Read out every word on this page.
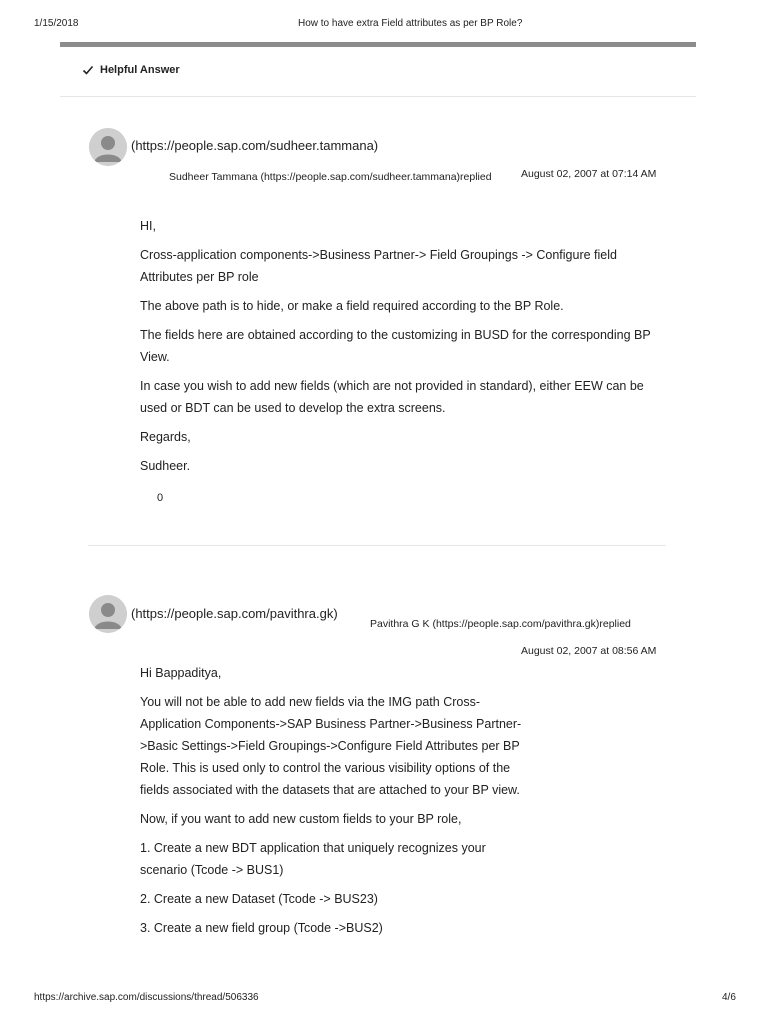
1/15/2018	How to have extra Field attributes as per BP Role?
Helpful Answer
(https://people.sap.com/sudheer.tammana)
Sudheer Tammana (https://people.sap.com/sudheer.tammana)replied	August 02, 2007 at 07:14 AM

HI,

Cross-application components->Business Partner-> Field Groupings -> Configure field Attributes per BP role

The above path is to hide, or make a field required according to the BP Role.

The fields here are obtained according to the customizing in BUSD for the corresponding BP View.

In case you wish to add new fields (which are not provided in standard), either EEW can be used or BDT can be used to develop the extra screens.

Regards,

Sudheer.

0
(https://people.sap.com/pavithra.gk)
Pavithra G K (https://people.sap.com/pavithra.gk)replied
August 02, 2007 at 08:56 AM

Hi Bappaditya,

You will not be able to add new fields via the IMG path Cross-Application Components->SAP Business Partner->Business Partner->Basic Settings->Field Groupings->Configure Field Attributes per BP Role. This is used only to control the various visibility options of the fields associated with the datasets that are attached to your BP view.

Now, if you want to add new custom fields to your BP role,

1. Create a new BDT application that uniquely recognizes your scenario (Tcode -> BUS1)

2. Create a new Dataset (Tcode -> BUS23)

3. Create a new field group (Tcode ->BUS2)

https://archive.sap.com/discussions/thread/506336	4/6
